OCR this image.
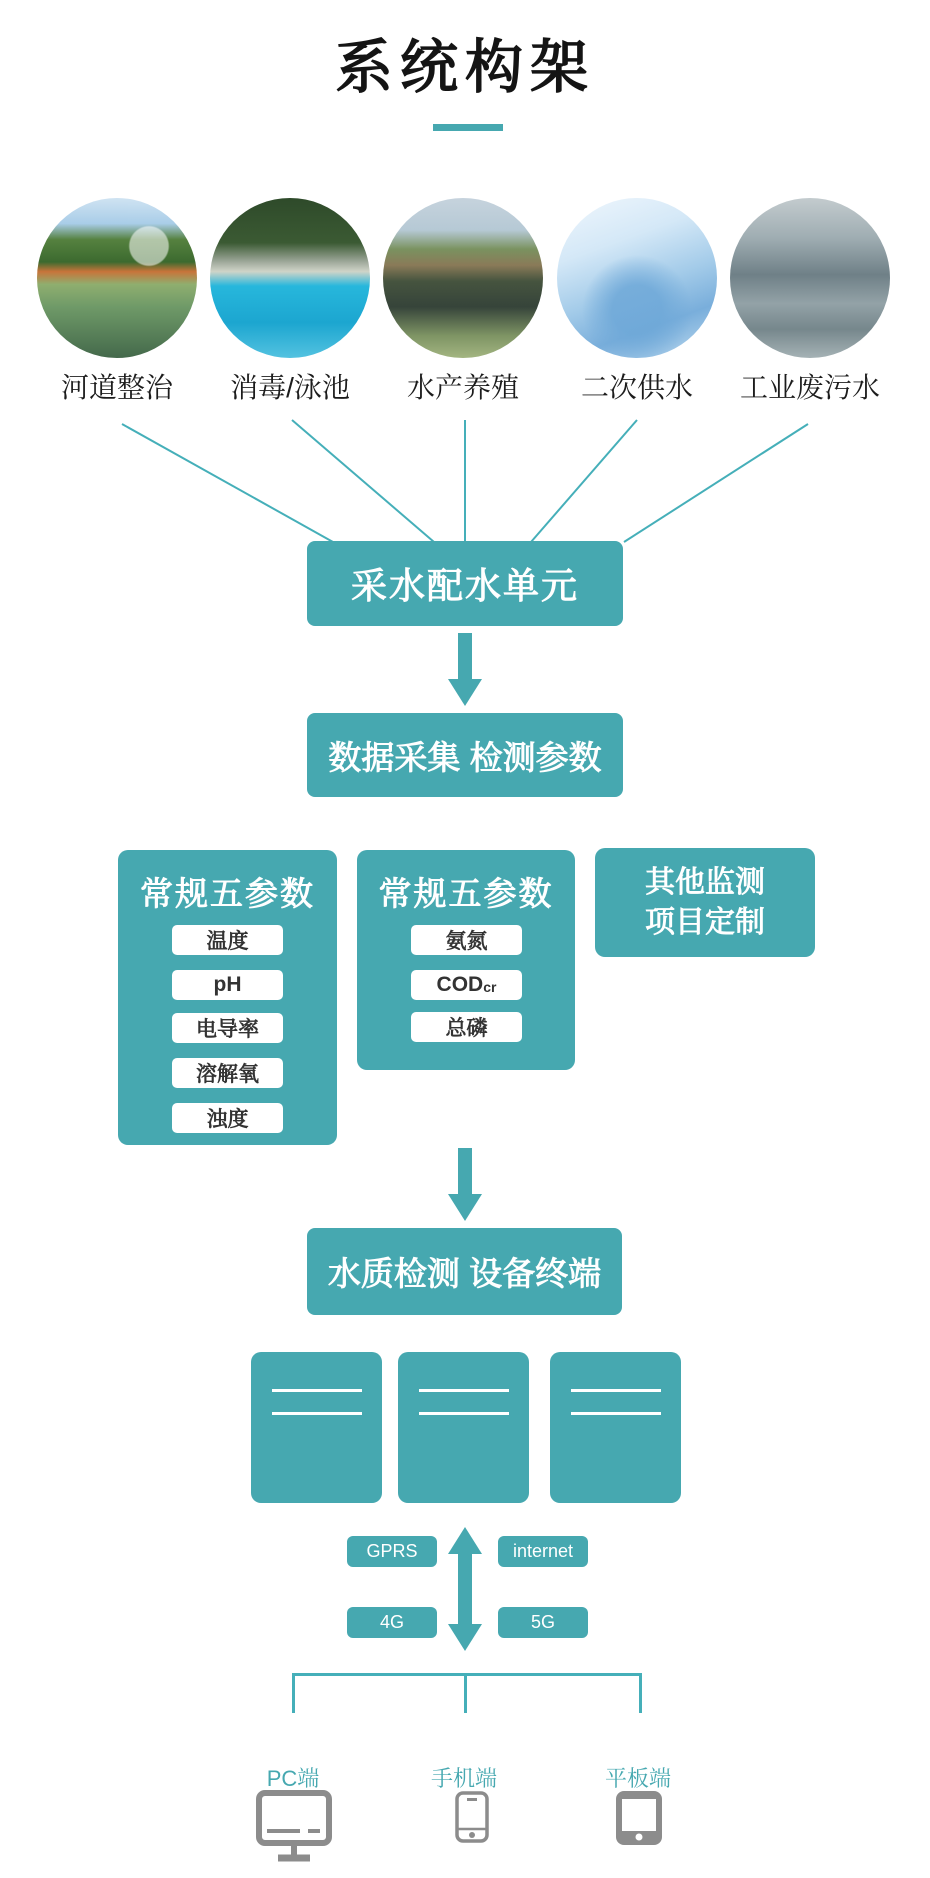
系统构架
河道整治	消毒/泳池	水产养殖	二次供水	工业废污水
采水配水单元
数据采集 检测参数
常规五参数
温度
pH
电导率
溶解氧
浊度
常规五参数
氨氮
COD cr
总磷
其他监测
项目定制
水质检测 设备终端
GPRS	internet
4G	5G
PC端	手机端	平板端
